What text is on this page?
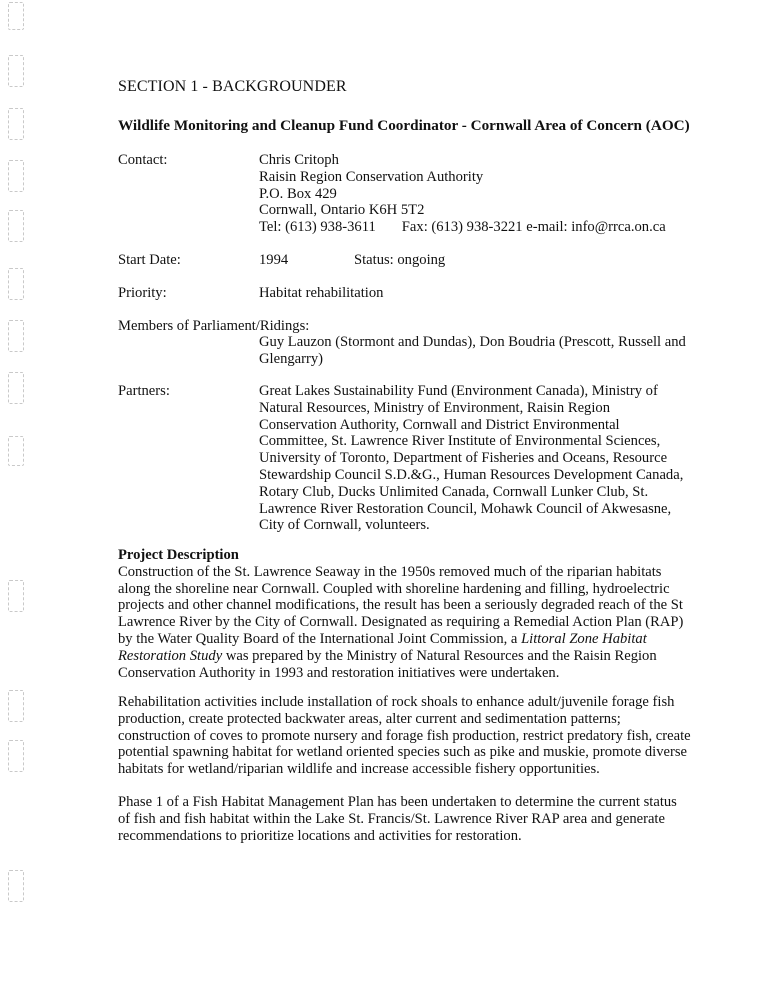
SECTION 1 - BACKGROUNDER
Wildlife Monitoring and Cleanup Fund Coordinator - Cornwall Area of Concern (AOC)
Contact:	Chris Critoph
Raisin Region Conservation Authority
P.O. Box 429
Cornwall, Ontario K6H 5T2
Tel: (613) 938-3611 Fax: (613) 938-3221 e-mail: info@rrca.on.ca
Start Date:	1994	Status: ongoing
Priority:	Habitat rehabilitation
Members of Parliament/Ridings:
Guy Lauzon (Stormont and Dundas), Don Boudria (Prescott, Russell and
Glengarry)
Partners:	Great Lakes Sustainability Fund (Environment Canada), Ministry of
Natural Resources, Ministry of Environment, Raisin Region
Conservation Authority, Cornwall and District Environmental
Committee, St. Lawrence River Institute of Environmental Sciences,
University of Toronto, Department of Fisheries and Oceans, Resource
Stewardship Council S.D.&G., Human Resources Development Canada,
Rotary Club, Ducks Unlimited Canada, Cornwall Lunker Club, St.
Lawrence River Restoration Council, Mohawk Council of Akwesasne,
City of Cornwall, volunteers.
Project Description
Construction of the St. Lawrence Seaway in the 1950s removed much of the riparian habitats
along the shoreline near Cornwall. Coupled with shoreline hardening and filling, hydroelectric
projects and other channel modifications, the result has been a seriously degraded reach of the St
Lawrence River by the City of Cornwall. Designated as requiring a Remedial Action Plan (RAP)
by the Water Quality Board of the International Joint Commission, a Littoral Zone Habitat
Restoration Study was prepared by the Ministry of Natural Resources and the Raisin Region
Conservation Authority in 1993 and restoration initiatives were undertaken.
Rehabilitation activities include installation of rock shoals to enhance adult/juvenile forage fish
production, create protected backwater areas, alter current and sedimentation patterns;
construction of coves to promote nursery and forage fish production, restrict predatory fish, create
potential spawning habitat for wetland oriented species such as pike and muskie, promote diverse
habitats for wetland/riparian wildlife and increase accessible fishery opportunities.
Phase 1 of a Fish Habitat Management Plan has been undertaken to determine the current status
of fish and fish habitat within the Lake St. Francis/St. Lawrence River RAP area and generate
recommendations to prioritize locations and activities for restoration.
